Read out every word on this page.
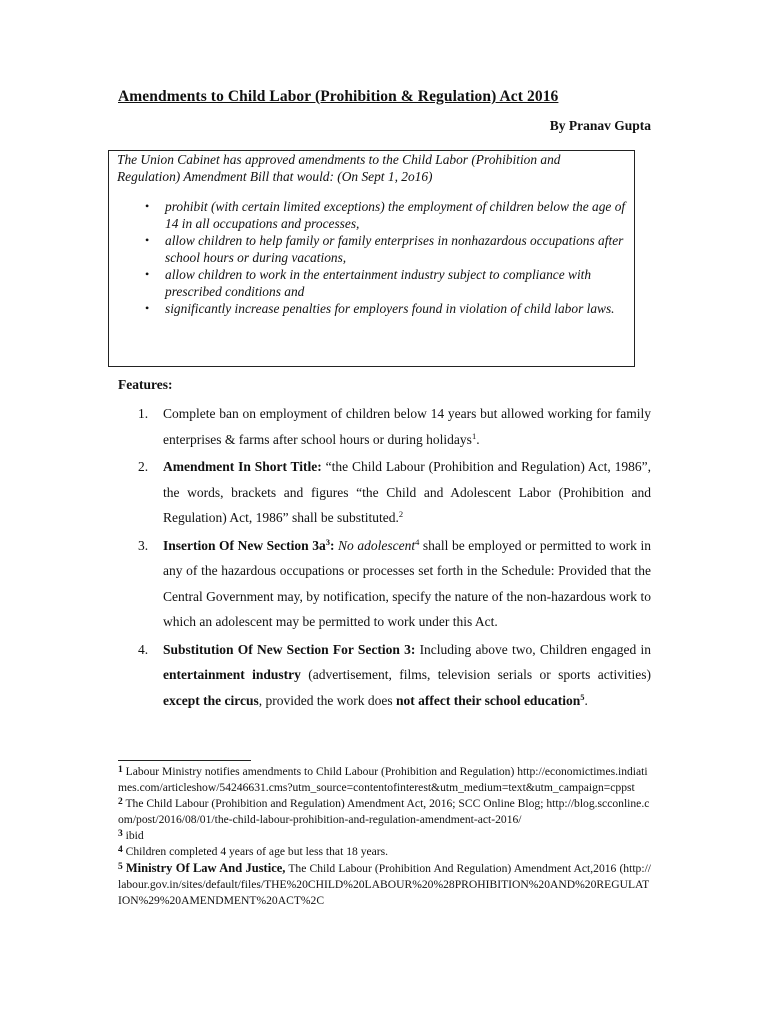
Amendments to Child Labor (Prohibition & Regulation) Act 2016
By Pranav Gupta
The Union Cabinet has approved amendments to the Child Labor (Prohibition and Regulation) Amendment Bill that would: (On Sept 1, 2o16)
• prohibit (with certain limited exceptions) the employment of children below the age of 14 in all occupations and processes,
• allow children to help family or family enterprises in nonhazardous occupations after school hours or during vacations,
• allow children to work in the entertainment industry subject to compliance with prescribed conditions and
• significantly increase penalties for employers found in violation of child labor laws.
Features:
1. Complete ban on employment of children below 14 years but allowed working for family enterprises & farms after school hours or during holidays$^1$.
2. Amendment In Short Title: “the Child Labour (Prohibition and Regulation) Act, 1986”, the words, brackets and figures “the Child and Adolescent Labor (Prohibition and Regulation) Act, 1986” shall be substituted.$^2$
3. Insertion Of New Section $3a^3$: No adolescent$^4$ shall be employed or permitted to work in any of the hazardous occupations or processes set forth in the Schedule: Provided that the Central Government may, by notification, specify the nature of the non-hazardous work to which an adolescent may be permitted to work under this Act.
4. Substitution Of New Section For Section 3: Including above two, Children engaged in entertainment industry (advertisement, films, television serials or sports activities) except the circus, provided the work does not affect their school education$^5$.

$^1$ Labour Ministry notifies amendments to Child Labour (Prohibition and Regulation) http://economictimes.indiatimes.com/articleshow/54246631.cms?utm_source=contentofinterest&utm_medium=text&utm_campaign=cppst

$^2$ The Child Labour (Prohibition and Regulation) Amendment Act, 2016; SCC Online Blog; http://blog.scconline.com/post/2016/08/01/the-child-labour-prohibition-and-regulation-amendment-act-2016/

$^3$ ibid

$^4$ Children completed 4 years of age but less that 18 years.

$^5$ Ministry Of Law And Justice, The Child Labour (Prohibition And Regulation) Amendment Act,2016 (http://labour.gov.in/sites/default/files/THE%20CHILD%20LABOUR%20%28PROHIBITION%20AND%20REGULATION%29%20AMENDMENT%20ACT%2C
